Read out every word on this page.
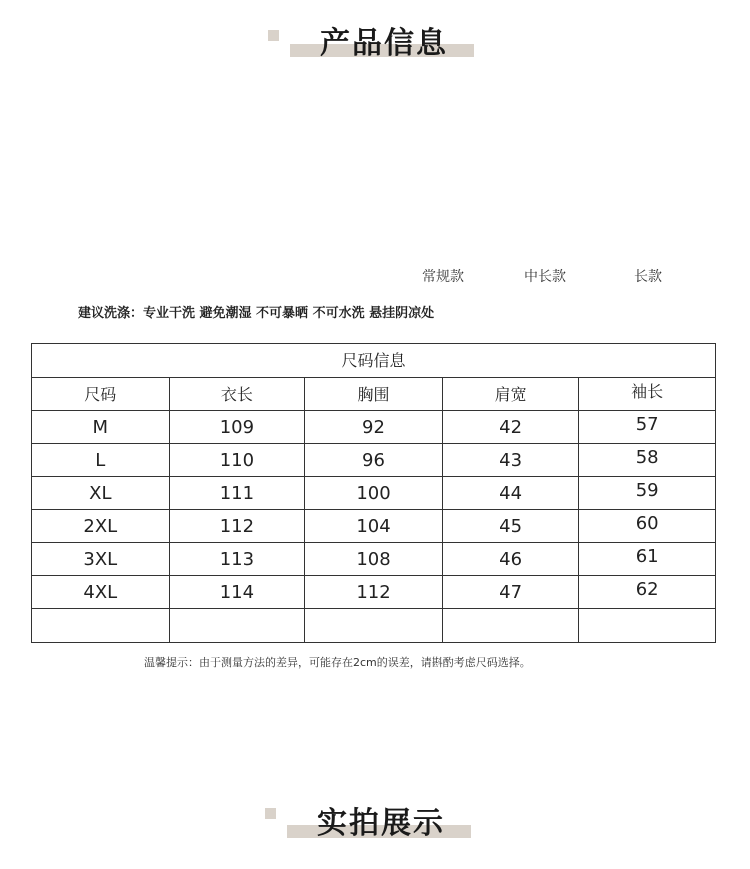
产品信息
常规款	中长款	长款
建议洗涤：专业干洗 避免潮湿 不可暴晒 不可水洗 悬挂阴凉处
尺码信息
尺码	衣长	胸围	肩宽	袖长
M	109	92	42	57
L	110	96	43	58
XL	111	100	44	59
2XL	112	104	45	60
3XL	113	108	46	61
4XL	114	112	47	62
温馨提示：由于测量方法的差异，可能存在2cm的误差，请斟酌考虑尺码选择。
实拍展示
